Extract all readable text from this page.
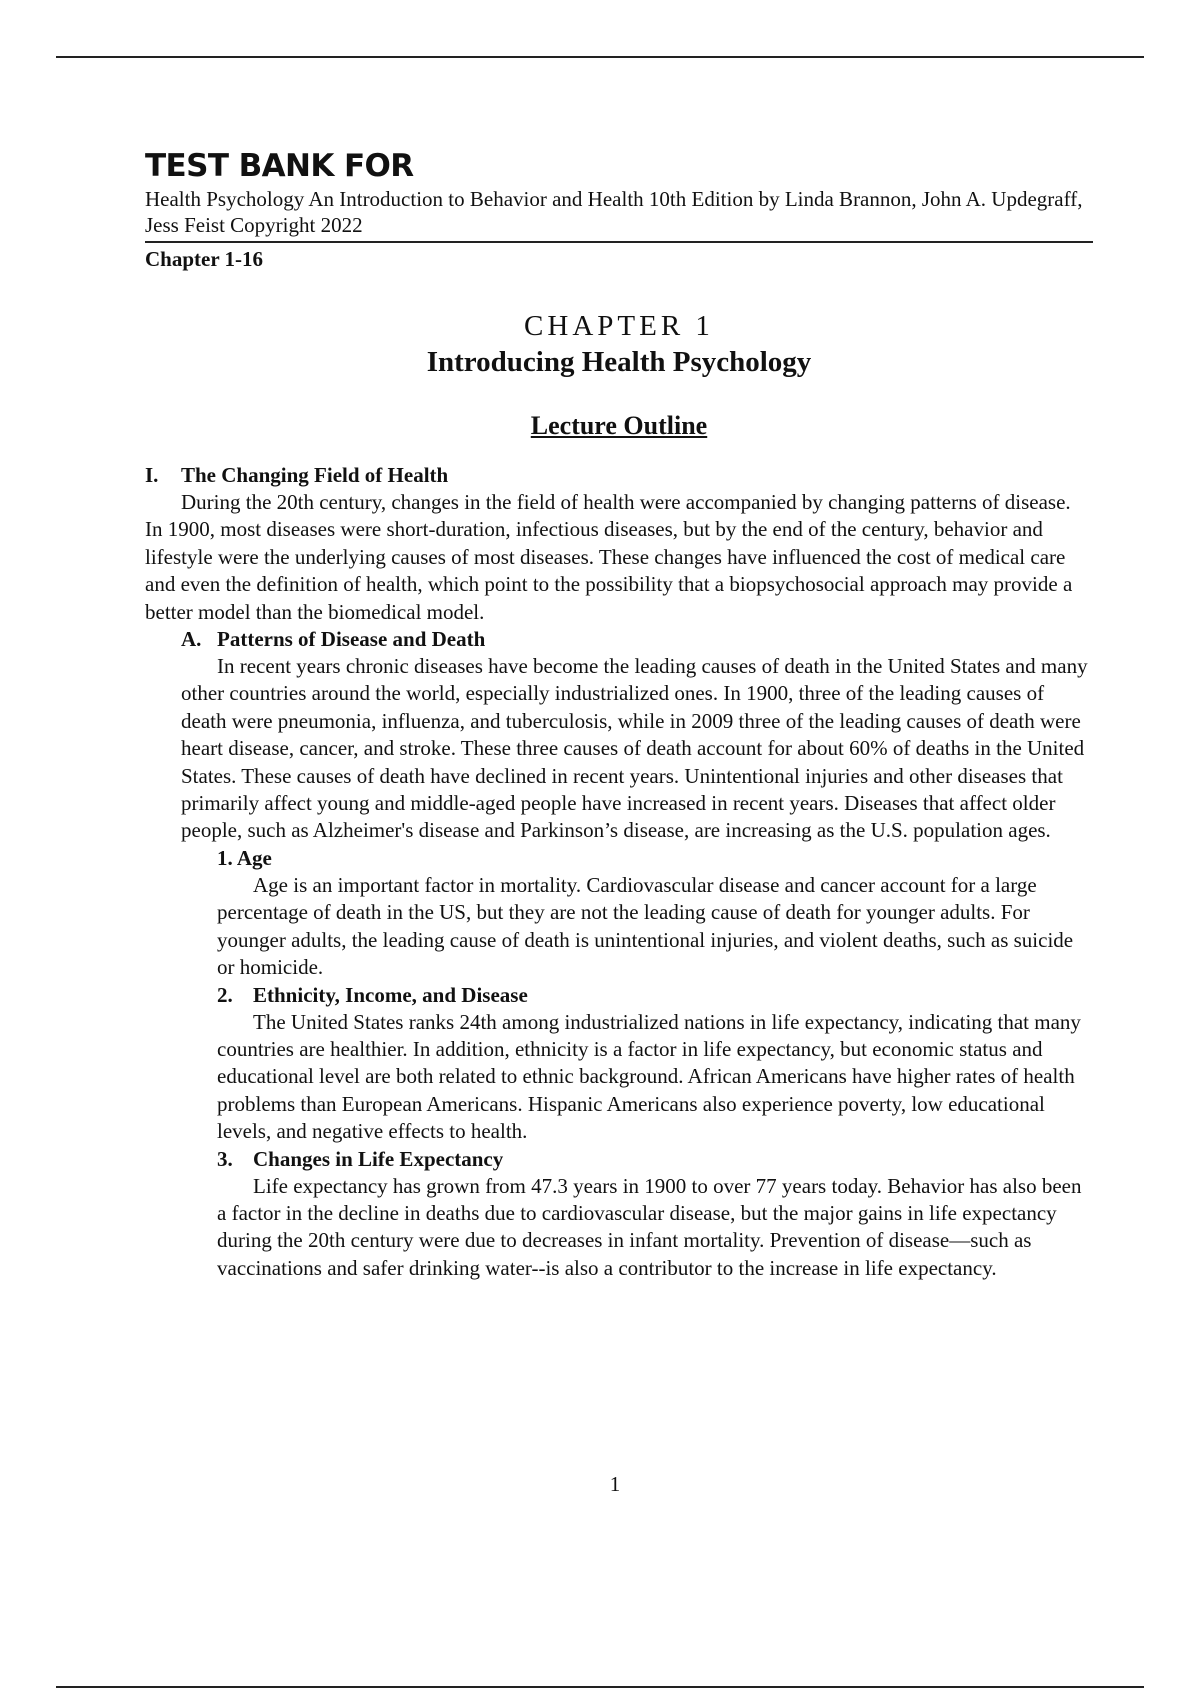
TEST BANK FOR

Health Psychology An Introduction to Behavior and Health 10th Edition by Linda Brannon, John A. Updegraff, Jess Feist Copyright 2022

Chapter 1-16

CHAPTER 1
Introducing Health Psychology
Lecture Outline
I. The Changing Field of Health

During the 20th century, changes in the field of health were accompanied by changing patterns of disease. In 1900, most diseases were short-duration, infectious diseases, but by the end of the century, behavior and lifestyle were the underlying causes of most diseases. These changes have influenced the cost of medical care and even the definition of health, which point to the possibility that a biopsychosocial approach may provide a better model than the biomedical model.

A. Patterns of Disease and Death

In recent years chronic diseases have become the leading causes of death in the United States and many other countries around the world, especially industrialized ones. In 1900, three of the leading causes of death were pneumonia, influenza, and tuberculosis, while in 2009 three of the leading causes of death were heart disease, cancer, and stroke. These three causes of death account for about 60% of deaths in the United States. These causes of death have declined in recent years. Unintentional injuries and other diseases that primarily affect young and middle-aged people have increased in recent years. Diseases that affect older people, such as Alzheimer's disease and Parkinson’s disease, are increasing as the U.S. population ages.

1. Age

Age is an important factor in mortality. Cardiovascular disease and cancer account for a large percentage of death in the US, but they are not the leading cause of death for younger adults. For younger adults, the leading cause of death is unintentional injuries, and violent deaths, such as suicide or homicide.

2. Ethnicity, Income, and Disease

The United States ranks 24th among industrialized nations in life expectancy, indicating that many countries are healthier. In addition, ethnicity is a factor in life expectancy, but economic status and educational level are both related to ethnic background. African Americans have higher rates of health problems than European Americans. Hispanic Americans also experience poverty, low educational levels, and negative effects to health.

3. Changes in Life Expectancy

Life expectancy has grown from 47.3 years in 1900 to over 77 years today. Behavior has also been a factor in the decline in deaths due to cardiovascular disease, but the major gains in life expectancy during the 20th century were due to decreases in infant mortality. Prevention of disease—such as vaccinations and safer drinking water--is also a contributor to the increase in life expectancy.

1
